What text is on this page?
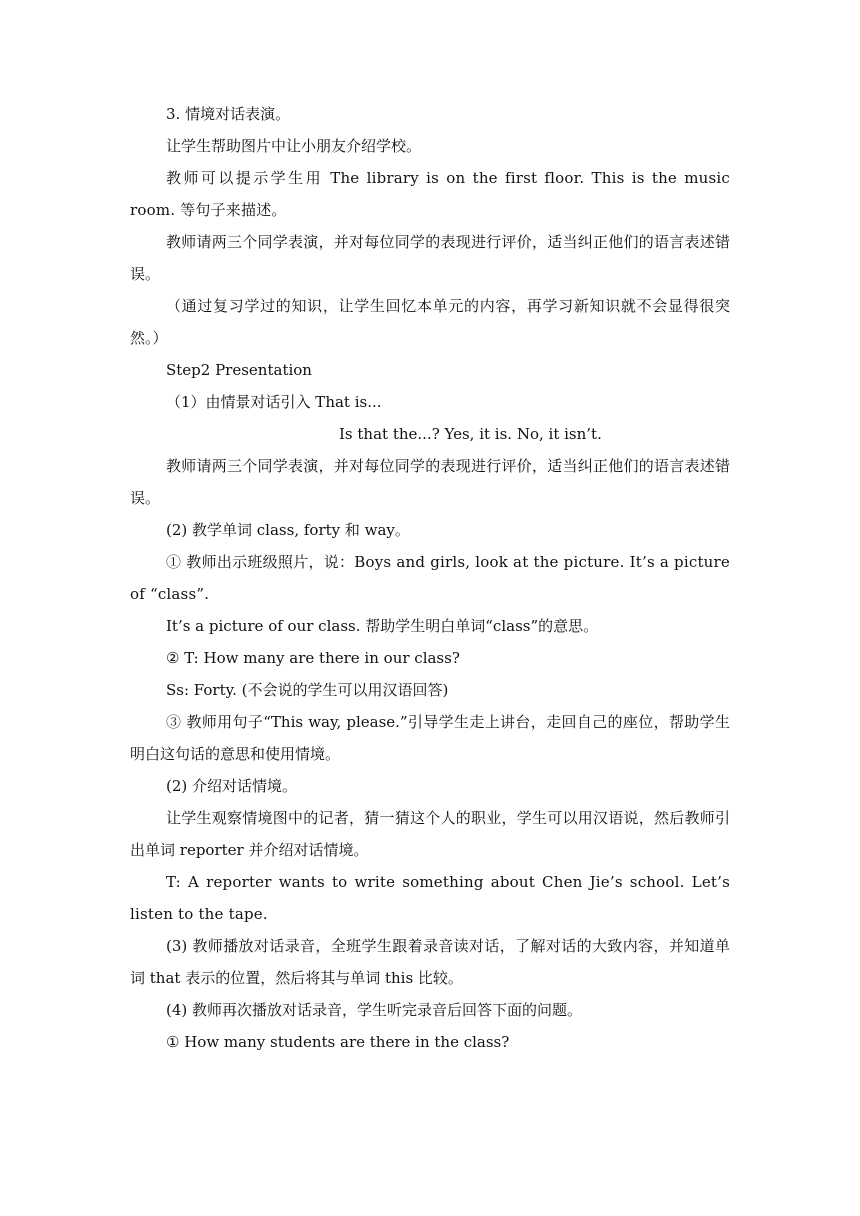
3. 情境对话表演。

让学生帮助图片中让小朋友介绍学校。

教师可以提示学生用 The library is on the first floor. This is the music room. 等句子来描述。

教师请两三个同学表演，并对每位同学的表现进行评价，适当纠正他们的语言表述错误。

（通过复习学过的知识，让学生回忆本单元的内容，再学习新知识就不会显得很突然。）

Step2 Presentation

（1）由情景对话引入 That is...

Is that the...? Yes, it is. No, it isn’t.

教师请两三个同学表演，并对每位同学的表现进行评价，适当纠正他们的语言表述错误。

(2) 教学单词 class, forty 和 way。

① 教师出示班级照片，说：Boys and girls, look at the picture. It’s a picture of “class”.

It’s a picture of our class. 帮助学生明白单词“class”的意思。

② T: How many are there in our class?

Ss: Forty. (不会说的学生可以用汉语回答)

③ 教师用句子“This way, please.”引导学生走上讲台，走回自己的座位，帮助学生明白这句话的意思和使用情境。

(2) 介绍对话情境。

让学生观察情境图中的记者，猜一猜这个人的职业，学生可以用汉语说，然后教师引出单词 reporter 并介绍对话情境。

T: A reporter wants to write something about Chen Jie’s school. Let’s listen to the tape.

(3) 教师播放对话录音，全班学生跟着录音读对话，了解对话的大致内容，并知道单词 that 表示的位置，然后将其与单词 this 比较。

(4) 教师再次播放对话录音，学生听完录音后回答下面的问题。

① How many students are there in the class?
